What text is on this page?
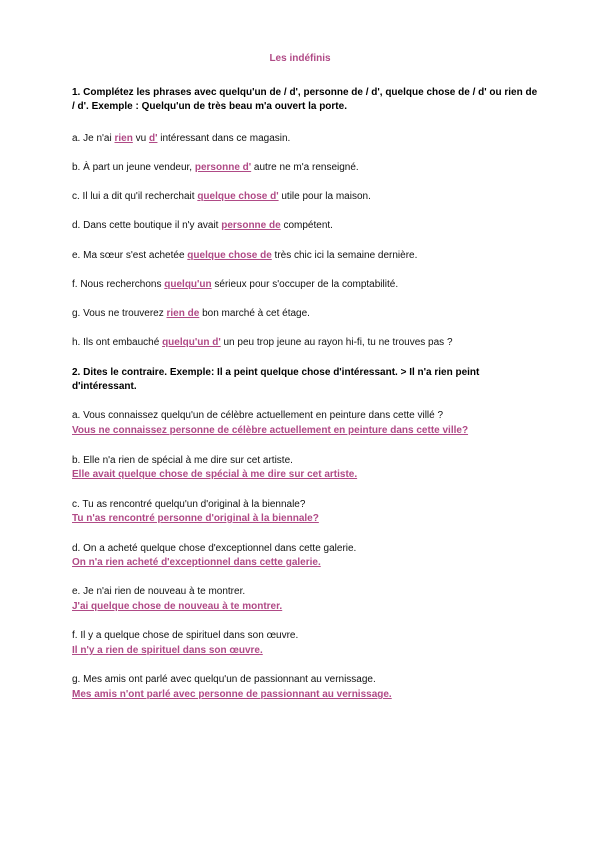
Les indéfinis
1. Complétez les phrases avec quelqu'un de / d', personne de / d', quelque chose de / d' ou rien de / d'. Exemple : Quelqu'un de très beau m'a ouvert la porte.
a. Je n'ai rien vu d' intéressant dans ce magasin.
b. À part un jeune vendeur, personne d' autre ne m'a renseigné.
c. Il lui a dit qu'il recherchait quelque chose d' utile pour la maison.
d. Dans cette boutique il n'y avait personne de compétent.
e. Ma sœur s'est achetée quelque chose de très chic ici la semaine dernière.
f. Nous recherchons quelqu'un sérieux pour s'occuper de la comptabilité.
g. Vous ne trouverez rien de bon marché à cet étage.
h. Ils ont embauché quelqu'un d' un peu trop jeune au rayon hi-fi, tu ne trouves pas ?
2. Dites le contraire. Exemple: Il a peint quelque chose d'intéressant. > Il n'a rien peint d'intéressant.
a. Vous connaissez quelqu'un de célèbre actuellement en peinture dans cette villé ?
Vous ne connaissez personne de célèbre actuellement en peinture dans cette ville?
b. Elle n'a rien de spécial à me dire sur cet artiste.
Elle avait quelque chose de spécial à me dire sur cet artiste.
c. Tu as rencontré quelqu'un d'original à la biennale?
Tu n'as rencontré personne d'original à la biennale?
d. On a acheté quelque chose d'exceptionnel dans cette galerie.
On n'a rien acheté d'exceptionnel dans cette galerie.
e. Je n'ai rien de nouveau à te montrer.
J'ai quelque chose de nouveau à te montrer.
f. Il y a quelque chose de spirituel dans son œuvre.
Il n'y a rien de spirituel dans son œuvre.
g. Mes amis ont parlé avec quelqu'un de passionnant au vernissage.
Mes amis n'ont parlé avec personne de passionnant au vernissage.
